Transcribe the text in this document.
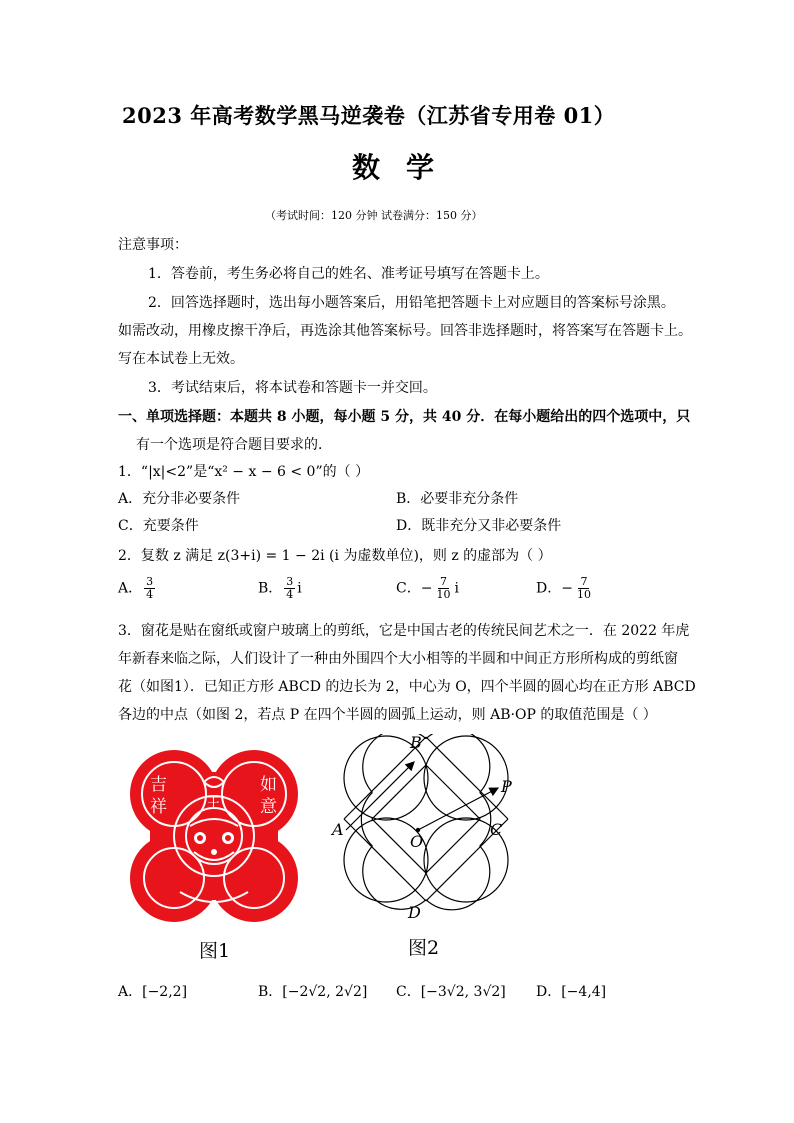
2023 年高考数学黑马逆袭卷（江苏省专用卷 01）
数学
（考试时间：120 分钟 试卷满分：150 分）
注意事项：
1．答卷前，考生务必将自己的姓名、准考证号填写在答题卡上。
2．回答选择题时，选出每小题答案后，用铅笔把答题卡上对应题目的答案标号涂黑。
如需改动，用橡皮擦干净后，再选涂其他答案标号。回答非选择题时，将答案写在答题卡上。
写在本试卷上无效。
3．考试结束后，将本试卷和答题卡一并交回。
一、单项选择题：本题共 8 小题，每小题 5 分，共 40 分．在每小题给出的四个选项中，只
有一个选项是符合题目要求的．
1．“|x|<2”是“x² − x − 6 < 0”的（ ）
A．充分非必要条件	B．必要非充分条件
C．充要条件	D．既非充分又非必要条件
2．复数 z 满足 z(3+i) = 1 − 2i (i 为虚数单位)，则 z 的虚部为（ ）
A． $\frac{3}{4}$	B． $\frac{3}{4}$ i	C．− $\frac{7}{10}$ i	D．− $\frac{7}{10}$
3．窗花是贴在窗纸或窗户玻璃上的剪纸，它是中国古老的传统民间艺术之一．在 2022 年虎
年新春来临之际，人们设计了一种由外围四个大小相等的半圆和中间正方形所构成的剪纸窗
花（如图1）．已知正方形 ABCD 的边长为 2，中心为 O，四个半圆的圆心均在正方形 ABCD
各边的中点（如图 2，若点 P 在四个半圆的圆弧上运动，则 AB·OP 的取值范围是（ ）
吉
祥
如
意
王
图1
B
P
A	C
O
D
图2
A．[−2,2]	B．[−2√2, 2√2] C．[−3√2, 3√2] D．[−4,4]
